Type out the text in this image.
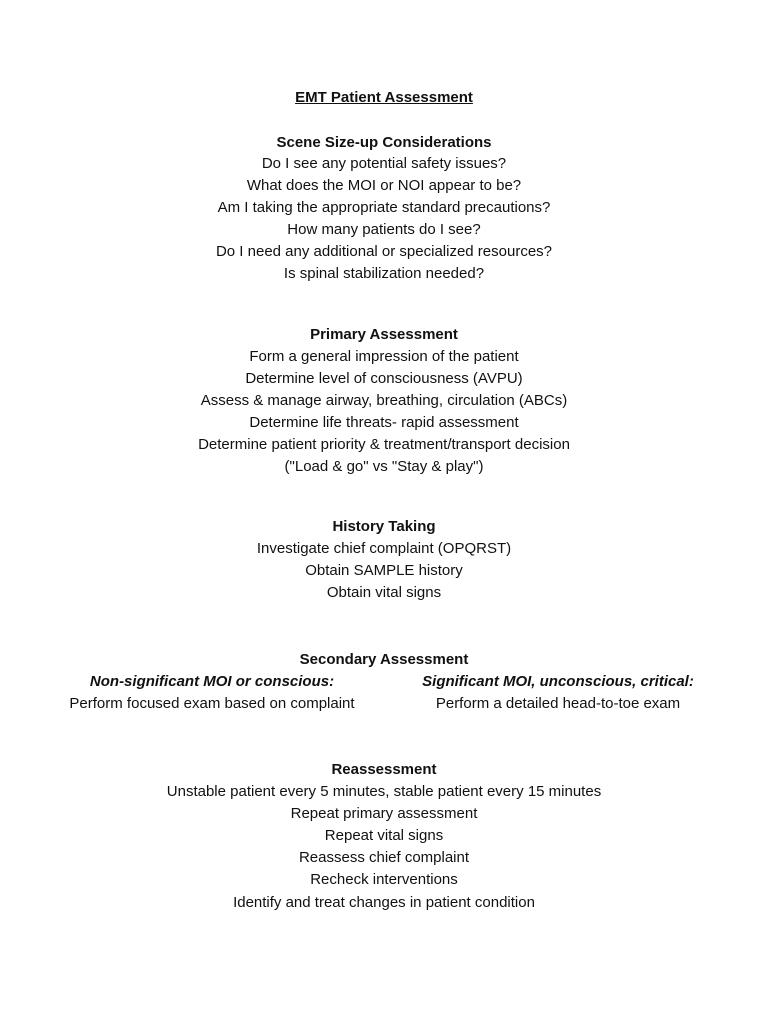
EMT Patient Assessment
Scene Size-up Considerations
Do I see any potential safety issues?
What does the MOI or NOI appear to be?
Am I taking the appropriate standard precautions?
How many patients do I see?
Do I need any additional or specialized resources?
Is spinal stabilization needed?
Primary Assessment
Form a general impression of the patient
Determine level of consciousness (AVPU)
Assess & manage airway, breathing, circulation (ABCs)
Determine life threats- rapid assessment
Determine patient priority & treatment/transport decision
("Load & go" vs "Stay & play")
History Taking
Investigate chief complaint (OPQRST)
Obtain SAMPLE history
Obtain vital signs
Secondary Assessment
Non-significant MOI or conscious:
Perform focused exam based on complaint
Significant MOI, unconscious, critical:
Perform a detailed head-to-toe exam
Reassessment
Unstable patient every 5 minutes, stable patient every 15 minutes
Repeat primary assessment
Repeat vital signs
Reassess chief complaint
Recheck interventions
Identify and treat changes in patient condition
